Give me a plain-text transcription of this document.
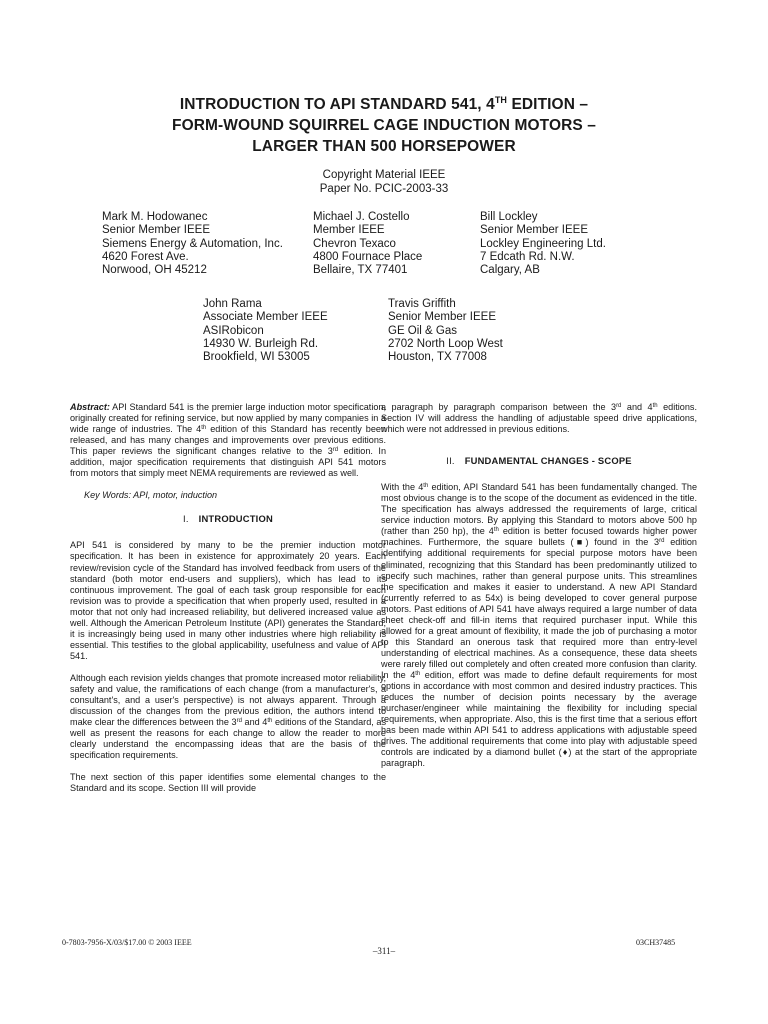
INTRODUCTION TO API STANDARD 541, 4TH EDITION –
FORM-WOUND SQUIRREL CAGE INDUCTION MOTORS –
LARGER THAN 500 HORSEPOWER
Copyright Material IEEE
Paper No. PCIC-2003-33
Mark M. Hodowanec
Senior Member IEEE
Siemens Energy & Automation, Inc.
4620 Forest Ave.
Norwood, OH 45212
Michael J. Costello
Member IEEE
Chevron Texaco
4800 Fournace Place
Bellaire, TX 77401
Bill Lockley
Senior Member IEEE
Lockley Engineering Ltd.
7 Edcath Rd. N.W.
Calgary, AB
John Rama
Associate Member IEEE
ASIRobicon
14930 W. Burleigh Rd.
Brookfield, WI 53005
Travis Griffith
Senior Member IEEE
GE Oil & Gas
2702 North Loop West
Houston, TX 77008

Abstract: API Standard 541 is the premier large induction motor specification, originally created for refining service, but now applied by many companies in a wide range of industries. The 4th edition of this Standard has recently been released, and has many changes and improvements over previous editions. This paper reviews the significant changes relative to the 3rd edition. In addition, major specification requirements that distinguish API 541 motors from motors that simply meet NEMA requirements are reviewed as well.

Key Words: API, motor, induction

I. INTRODUCTION

API 541 is considered by many to be the premier induction motor specification. It has been in existence for approximately 20 years. Each review/revision cycle of the Standard has involved feedback from users of the standard (both motor end-users and suppliers), which has lead to its continuous improvement. The goal of each task group responsible for each revision was to provide a specification that when properly used, resulted in a motor that not only had increased reliability, but delivered increased value as well. Although the American Petroleum Institute (API) generates the Standard, it is increasingly being used in many other industries where high reliability is essential. This testifies to the global applicability, usefulness and value of API 541.

Although each revision yields changes that promote increased motor reliability, safety and value, the ramifications of each change (from a manufacturer's, a consultant's, and a user's perspective) is not always apparent. Through a discussion of the changes from the previous edition, the authors intend to make clear the differences between the 3rd and 4th editions of the Standard, as well as present the reasons for each change to allow the reader to more clearly understand the encompassing ideas that are the basis of the specification requirements.

The next section of this paper identifies some elemental changes to the Standard and its scope. Section III will provide

a paragraph by paragraph comparison between the 3rd and 4th editions. Section IV will address the handling of adjustable speed drive applications, which were not addressed in previous editions.

II. FUNDAMENTAL CHANGES - SCOPE

With the 4th edition, API Standard 541 has been fundamentally changed. The most obvious change is to the scope of the document as evidenced in the title. The specification has always addressed the requirements of large, critical service induction motors. By applying this Standard to motors above 500 hp (rather than 250 hp), the 4th edition is better focused towards higher power machines. Furthermore, the square bullets (■) found in the 3rd edition identifying additional requirements for special purpose motors have been eliminated, recognizing that this Standard has been predominantly utilized to specify such machines, rather than general purpose units. This streamlines the specification and makes it easier to understand. A new API Standard (currently referred to as 54x) is being developed to cover general purpose motors. Past editions of API 541 have always required a large number of data sheet check-off and fill-in items that required purchaser input. While this allowed for a great amount of flexibility, it made the job of purchasing a motor to this Standard an onerous task that required more than entry-level understanding of electrical machines. As a consequence, these data sheets were rarely filled out completely and often created more confusion than clarity. In the 4th edition, effort was made to define default requirements for most options in accordance with most common and desired industry practices. This reduces the number of decision points necessary by the average purchaser/engineer while maintaining the flexibility for including special requirements, when appropriate. Also, this is the first time that a serious effort has been made within API 541 to address applications with adjustable speed drives. The additional requirements that come into play with adjustable speed controls are indicated by a diamond bullet (♦) at the start of the appropriate paragraph.

0-7803-7956-X/03/$17.00 © 2003 IEEE
–311–
03CH37485
